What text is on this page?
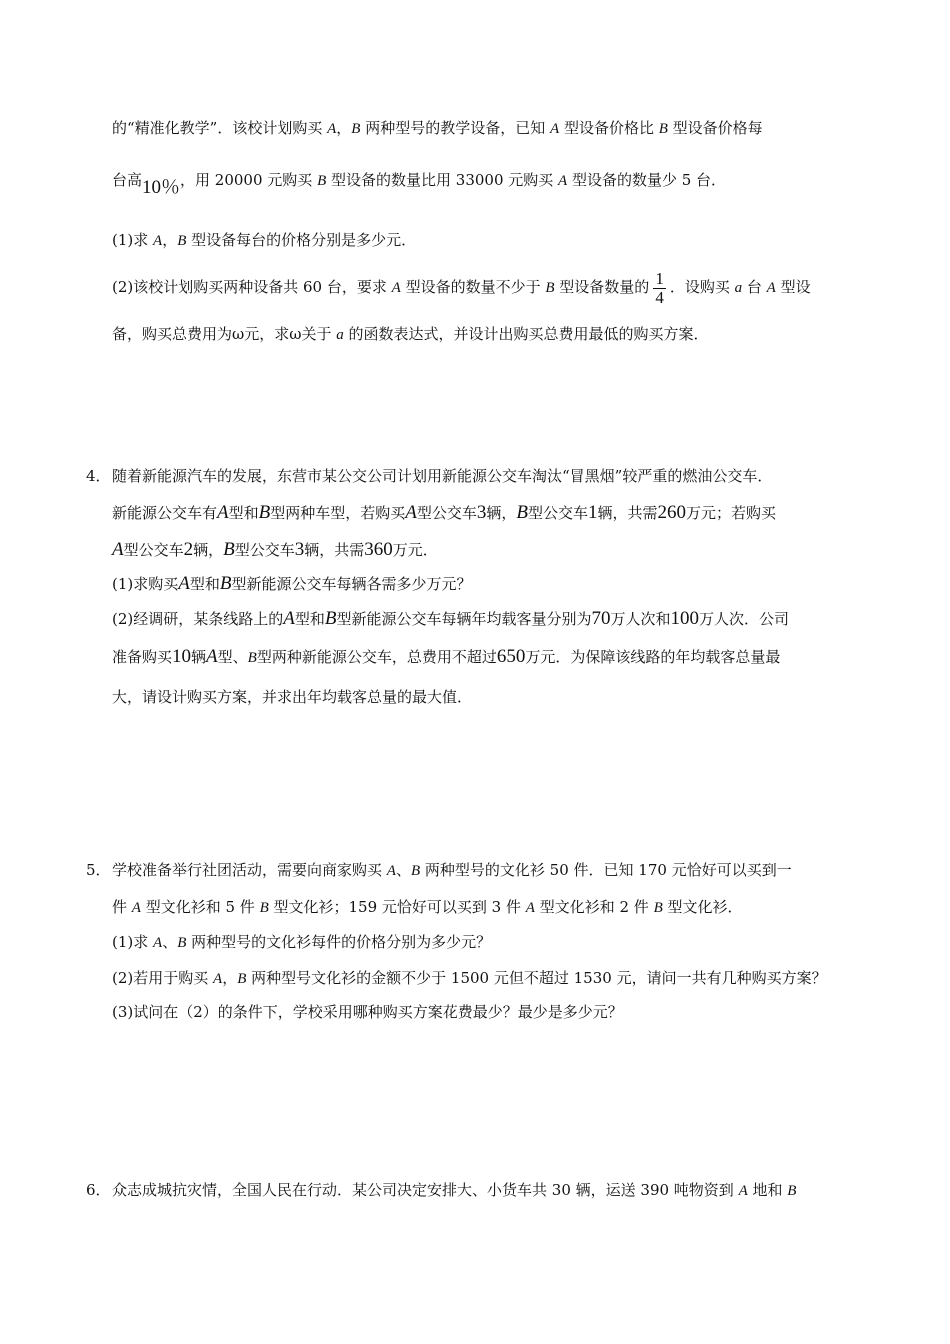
的“精准化教学”．该校计划购买 A，B 两种型号的教学设备，已知 A 型设备价格比 B 型设备价格每
台高10％，用 20000 元购买 B 型设备的数量比用 33000 元购买 A 型设备的数量少 5 台．
(1)求 A，B 型设备每台的价格分别是多少元．
(2)该校计划购买两种设备共 60 台，要求 A 型设备的数量不少于 B 型设备数量的 $\frac{1}{4}$ ．设购买 a 台 A 型设
备，购买总费用为ω元，求ω关于 a 的函数表达式，并设计出购买总费用最低的购买方案．
4． 随着新能源汽车的发展，东营市某公交公司计划用新能源公交车淘汰“冒黑烟”较严重的燃油公交车．
新能源公交车有A型和B型两种车型，若购买A型公交车3辆，B型公交车1辆，共需260万元；若购买
A型公交车2辆，B型公交车3辆，共需360万元．
(1)求购买A型和B型新能源公交车每辆各需多少万元？
(2)经调研，某条线路上的A型和B型新能源公交车每辆年均载客量分别为70万人次和100万人次．公司
准备购买10辆A型、B型两种新能源公交车，总费用不超过650万元．为保障该线路的年均载客总量最
大，请设计购买方案，并求出年均载客总量的最大值．
5． 学校准备举行社团活动，需要向商家购买 A、B 两种型号的文化衫 50 件．已知 170 元恰好可以买到一
件 A 型文化衫和 5 件 B 型文化衫；159 元恰好可以买到 3 件 A 型文化衫和 2 件 B 型文化衫．
(1)求 A、B 两种型号的文化衫每件的价格分别为多少元？
(2)若用于购买 A，B 两种型号文化衫的金额不少于 1500 元但不超过 1530 元，请问一共有几种购买方案？
(3)试问在（2）的条件下，学校采用哪种购买方案花费最少？最少是多少元？
6． 众志成城抗灾情，全国人民在行动．某公司决定安排大、小货车共 30 辆，运送 390 吨物资到 A 地和 B
